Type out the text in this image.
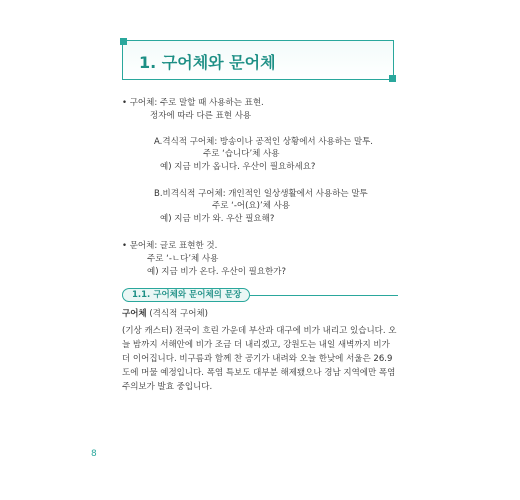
1. 구어체와 문어체
• 구어체: 주로 말할 때 사용하는 표현.
정자에 따라 다른 표현 사용
A.격식적 구어체: 방송이나 공적인 상황에서 사용하는 말투.
주로 ‘습니다’체 사용
예) 지금 비가 옵니다. 우산이 필요하세요?
B.비격식적 구어체: 개인적인 일상생활에서 사용하는 말투
주로 ‘-어(요)’체 사용
예) 지금 비가 와. 우산 필요해?
• 문어체: 글로 표현한 것.
주로 ‘-ㄴ다’체 사용
예) 지금 비가 온다. 우산이 필요한가?
1.1. 구어체와 문어체의 문장
구어체 (격식적 구어체)
(기상 캐스터) 전국이 흐린 가운데 부산과 대구에 비가 내리고 있습니다. 오늘 밤까지 서해안에 비가 조금 더 내리겠고, 강원도는 내일 새벽까지 비가 더 이어집니다. 비구름과 함께 찬 공기가 내려와 오늘 한낮에 서울은 26.9도에 머물 예정입니다. 폭염 특보도 대부분 해제됐으나 경남 지역에만 폭염주의보가 발효 중입니다.
8
